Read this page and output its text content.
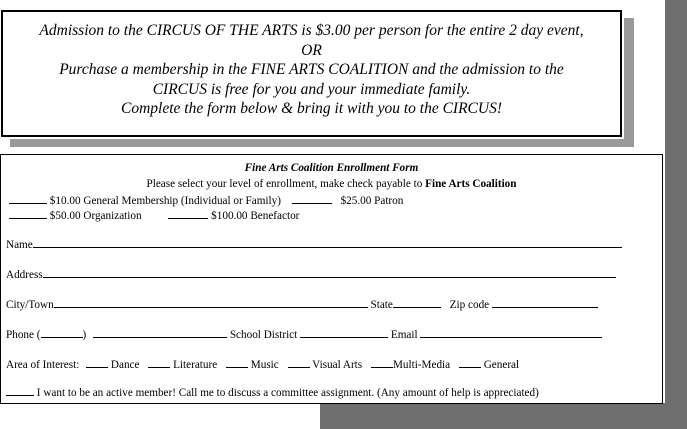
Admission to the CIRCUS OF THE ARTS is $3.00 per person for the entire 2 day event,
OR
Purchase a membership in the FINE ARTS COALITION and the admission to the
CIRCUS is free for you and your immediate family.
Complete the form below & bring it with you to the CIRCUS!
Fine Arts Coalition Enrollment Form
Please select your level of enrollment, make check payable to Fine Arts Coalition
$10.00 General Membership (Individual or Family)	$25.00 Patron
$50.00 Organization	$100.00 Benefactor
Name
Address
City/Town	State	Zip code
Phone (	)	School District	Email
Area of Interest:	Dance	Literature	Music	Visual Arts	Multi-Media	General
I want to be an active member! Call me to discuss a committee assignment. (Any amount of help is appreciated)
